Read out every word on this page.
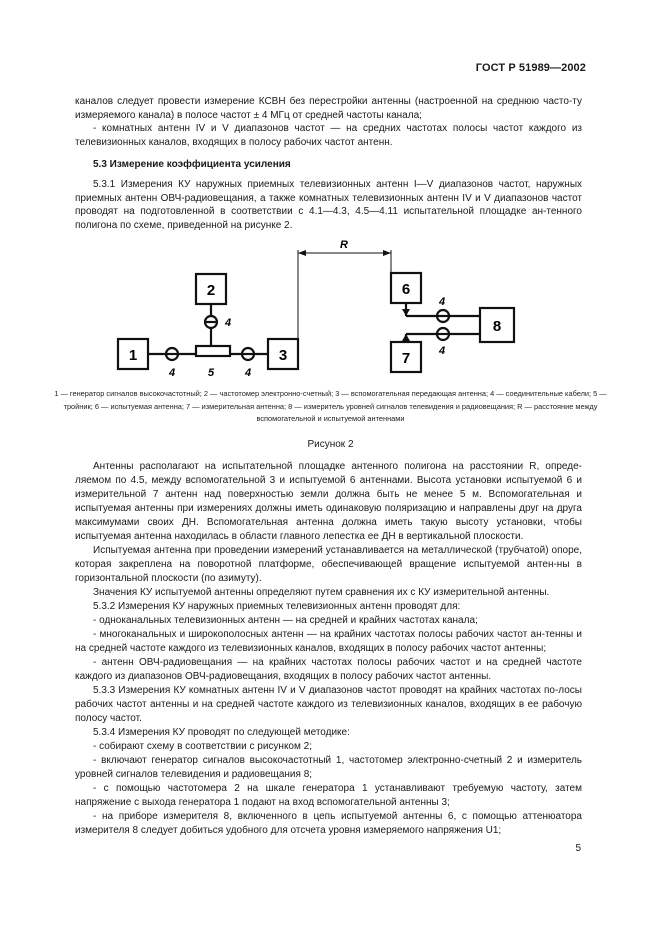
ГОСТ Р 51989—2002

каналов следует провести измерение КСВН без перестройки антенны (настроенной на среднюю часто-ту измеряемого канала) в полосе частот ± 4 МГц от средней частоты канала;

- комнатных антенн IV и V диапазонов частот — на средних частотах полосы частот каждого из телевизионных каналов, входящих в полосу рабочих частот антенн.

5.3 Измерение коэффициента усиления

5.3.1 Измерения КУ наружных приемных телевизионных антенн I—V диапазонов частот, наружных приемных антенн ОВЧ-радиовещания, а также комнатных телевизионных антенн IV и V диапазонов частот проводят на подготовленной в соответствии с 4.1—4.3, 4.5—4.11 испытательной площадке ан-тенного полигона по схеме, приведенной на рисунке 2.

1
2
3
6
7
8
4
4	4
5
4
4
R
1 — генератор сигналов высокочастотный; 2 — частотомер электронно-счетный; 3 — вспомогательная передающая антенна; 4 — соединительные кабели; 5 — тройник; 6 — испытуемая антенна; 7 — измерительная антенна; 8 — измеритель уровней сигналов телевидения и радиовещания; R — расстояние между вспомогательной и испытуемой антеннами
Рисунок 2

Антенны располагают на испытательной площадке антенного полигона на расстоянии R, опреде-ляемом по 4.5, между вспомогательной 3 и испытуемой 6 антеннами. Высота установки испытуемой 6 и измерительной 7 антенн над поверхностью земли должна быть не менее 5 м. Вспомогательная и испытуемая антенны при измерениях должны иметь одинаковую поляризацию и направлены друг на друга максимумами своих ДН. Вспомогательная антенна должна иметь такую высоту установки, чтобы испытуемая антенна находилась в области главного лепестка ее ДН в вертикальной плоскости.

Испытуемая антенна при проведении измерений устанавливается на металлической (трубчатой) опоре, которая закреплена на поворотной платформе, обеспечивающей вращение испытуемой антен-ны в горизонтальной плоскости (по азимуту).

Значения КУ испытуемой антенны определяют путем сравнения их с КУ измерительной антенны.

5.3.2 Измерения КУ наружных приемных телевизионных антенн проводят для:

- одноканальных телевизионных антенн — на средней и крайних частотах канала;

- многоканальных и широкополосных антенн — на крайних частотах полосы рабочих частот ан-тенны и на средней частоте каждого из телевизионных каналов, входящих в полосу рабочих частот антенны;

- антенн ОВЧ-радиовещания — на крайних частотах полосы рабочих частот и на средней частоте каждого из диапазонов ОВЧ-радиовещания, входящих в полосу рабочих частот антенны.

5.3.3 Измерения КУ комнатных антенн IV и V диапазонов частот проводят на крайних частотах по-лосы рабочих частот антенны и на средней частоте каждого из телевизионных каналов, входящих в ее рабочую полосу частот.

5.3.4 Измерения КУ проводят по следующей методике:

- собирают схему в соответствии с рисунком 2;

- включают генератор сигналов высокочастотный 1, частотомер электронно-счетный 2 и измеритель уровней сигналов телевидения и радиовещания 8;

- с помощью частотомера 2 на шкале генератора 1 устанавливают требуемую частоту, затем напряжение с выхода генератора 1 подают на вход вспомогательной антенны 3;

- на приборе измерителя 8, включенного в цепь испытуемой антенны 6, с помощью аттенюатора измерителя 8 следует добиться удобного для отсчета уровня измеряемого напряжения U1;

5
